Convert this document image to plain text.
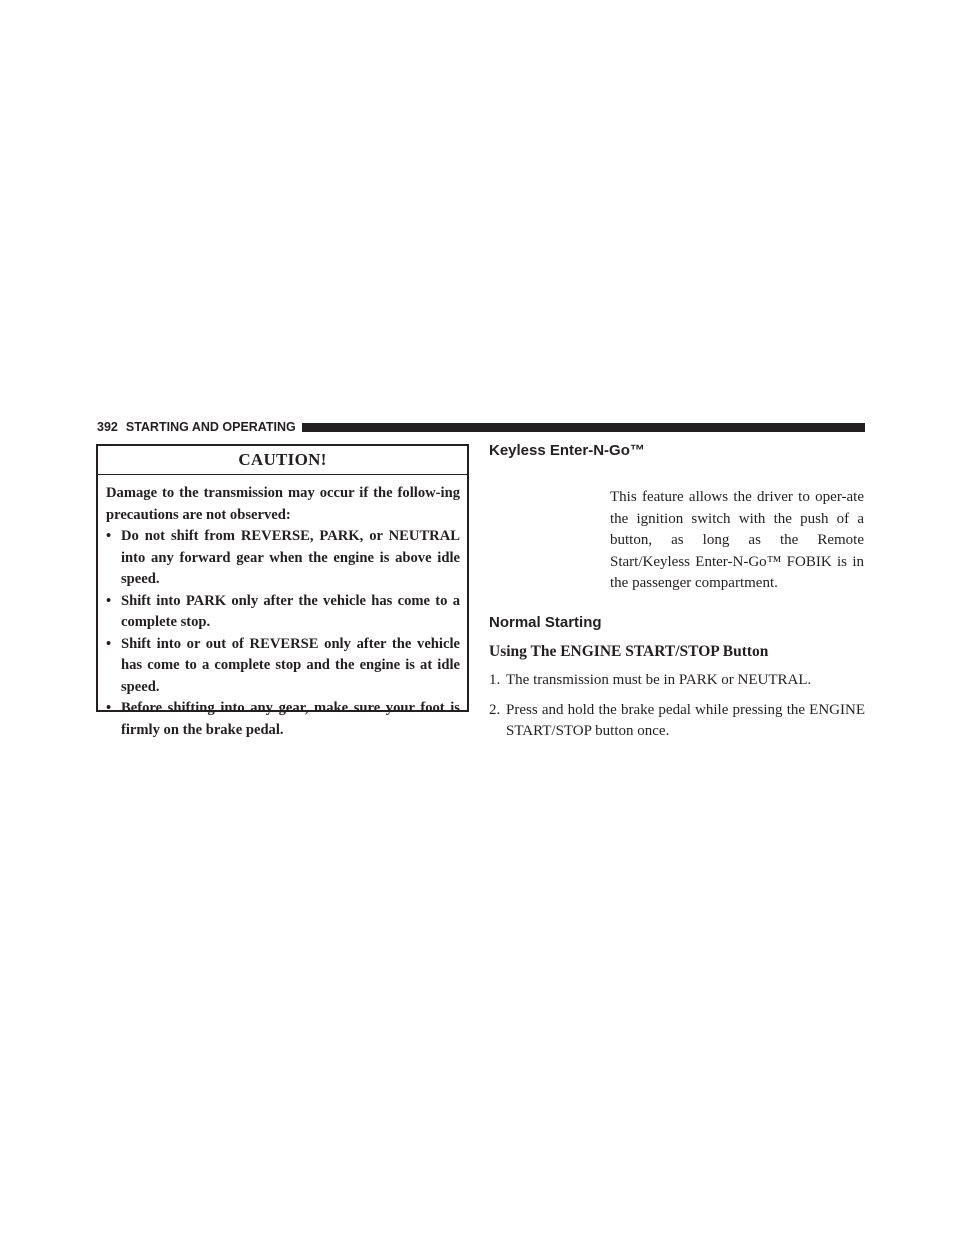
392 STARTING AND OPERATING
CAUTION!

Damage to the transmission may occur if the follow-ing precautions are not observed:

• Do not shift from REVERSE, PARK, or NEUTRAL into any forward gear when the engine is above idle speed.
• Shift into PARK only after the vehicle has come to a complete stop.
• Shift into or out of REVERSE only after the vehicle has come to a complete stop and the engine is at idle speed.
• Before shifting into any gear, make sure your foot is firmly on the brake pedal.
Keyless Enter-N-Go™

This feature allows the driver to oper-ate the ignition switch with the push of a button, as long as the Remote Start/Keyless Enter-N-Go™ FOBIK is in the passenger compartment.

Normal Starting
Using The ENGINE START/STOP Button
1. The transmission must be in PARK or NEUTRAL.
2. Press and hold the brake pedal while pressing the ENGINE START/STOP button once.
